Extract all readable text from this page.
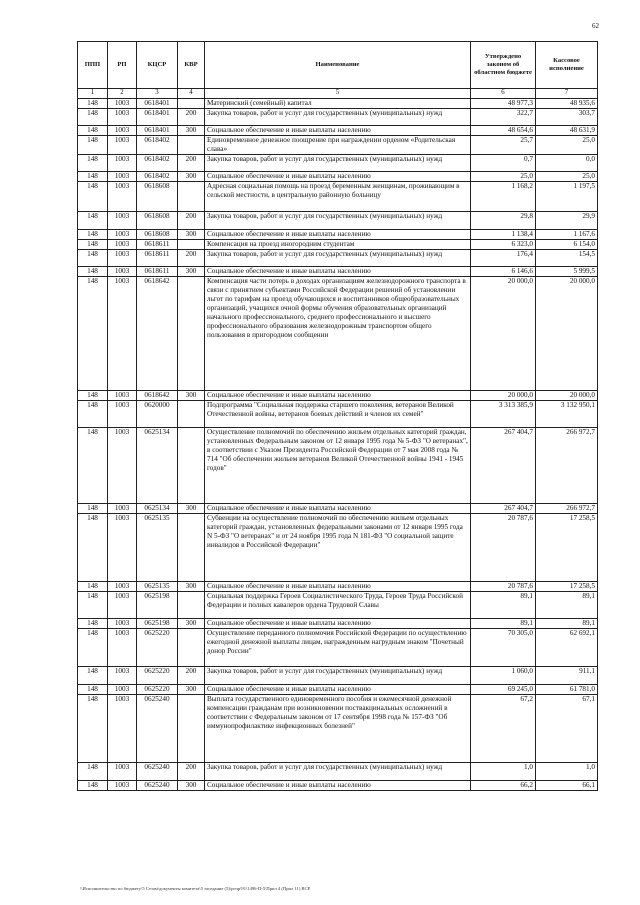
62
ППП	РП	КЦСР	КВР	Наименование	Утверждено законом об областном бюджете	Кассовое исполнение
1	2	3	4	5	6	7
148	1003	0618401		Материнский (семейный) капитал	48 977,3	48 935,6
148	1003	0618401	200	Закупка товаров, работ и услуг для государственных (муниципальных) нужд	322,7	303,7
148	1003	0618401	300	Социальное обеспечение и иные выплаты населению	48 654,6	48 631,9
148	1003	0618402		Единовременное денежное поощрение при награждении орденом «Родительская слава»	25,7	25,0
148	1003	0618402	200	Закупка товаров, работ и услуг для государственных (муниципальных) нужд	0,7	0,0
148	1003	0618402	300	Социальное обеспечение и иные выплаты населению	25,0	25,0
148	1003	0618608		Адресная социальная помощь на проезд беременным женщинам, проживающим в сельской местности, в центральную районную больницу	1 168,2	1 197,5
148	1003	0618608	200	Закупка товаров, работ и услуг для государственных (муниципальных) нужд	29,8	29,9
148	1003	0618608	300	Социальное обеспечение и иные выплаты населению	1 138,4	1 167,6
148	1003	0618611		Компенсация на проезд иногородним студентам	6 323,0	6 154,0
148	1003	0618611	200	Закупка товаров, работ и услуг для государственных (муниципальных) нужд	176,4	154,5
148	1003	0618611	300	Социальное обеспечение и иные выплаты населению	6 146,6	5 999,5
148	1003	0618642		Компенсация части потерь в доходах организациям железнодорожного транспорта в связи с принятием субъектами Российской Федерации решений об установлении льгот по тарифам на проезд обучающихся и воспитанников общеобразовательных организаций, учащихся очной формы обучения образовательных организаций начального профессионального, среднего профессионального и высшего профессионального образования железнодорожным транспортом общего пользования в пригородном сообщении	20 000,0	20 000,0
148	1003	0618642	300	Социальное обеспечение и иные выплаты населению	20 000,0	20 000,0
148	1003	0620000		Подпрограмма "Социальная поддержка старшего поколения, ветеранов Великой Отечественной войны, ветеранов боевых действий и членов их семей"	3 313 385,9	3 132 950,1
148	1003	0625134		Осуществление полномочий по обеспечению жильем отдельных категорий граждан, установленных Федеральным законом от 12 января 1995 года № 5-ФЗ "О ветеранах", в соответствии с Указом Президента Российской Федерации от 7 мая 2008 года № 714 "Об обеспечении жильем ветеранов Великой Отечественной войны 1941 - 1945 годов"	267 404,7	266 972,7
148	1003	0625134	300	Социальное обеспечение и иные выплаты населению	267 404,7	266 972,7
148	1003	0625135		Субвенции на осуществление полномочий по обеспечению жильем отдельных категорий граждан, установленных федеральными законами от 12 января 1995 года N 5-ФЗ "О ветеранах" и от 24 ноября 1995 года N 181-ФЗ "О социальной защите инвалидов в Российской Федерации"	20 787,6	17 258,5
148	1003	0625135	300	Социальное обеспечение и иные выплаты населению	20 787,6	17 258,5
148	1003	0625198		Социальная поддержка Героев Социалистического Труда, Героев Труда Российской Федерации и полных кавалеров ордена Трудовой Славы	89,1	89,1
148	1003	0625198	300	Социальное обеспечение и иные выплаты населению	89,1	89,1
148	1003	0625220		Осуществление переданного полномочия Российской Федерации по осуществлению ежегодной денежной выплаты лицам, награжденным нагрудным знаком "Почетный донор России"	70 305,0	62 692,1
148	1003	0625220	200	Закупка товаров, работ и услуг для государственных (муниципальных) нужд	1 060,0	911,1
148	1003	0625220	300	Социальное обеспечение и иные выплаты населению	69 245,0	61 781,0
148	1003	0625240		Выплата государственного единовременного пособия и ежемесячной денежной компенсации гражданам при возникновении поствакцинальных осложнений в соответствии с Федеральным законом от 17 сентября 1998 года № 157-ФЗ "Об иммунопрофилактике инфекционных болезней"	67,2	67,1
148	1003	0625240	200	Закупка товаров, работ и услуг для государственных (муниципальных) нужд	1,0	1,0
148	1003	0625240	300	Социальное обеспечение и иные выплаты населению	66,2	66,1
\\Исполнительство по бюджету\5 Сезам\документы комитета\5 заседание (5)\ргпр\91\1496-П-5\Прил 4 (Прил 11) ВСР
